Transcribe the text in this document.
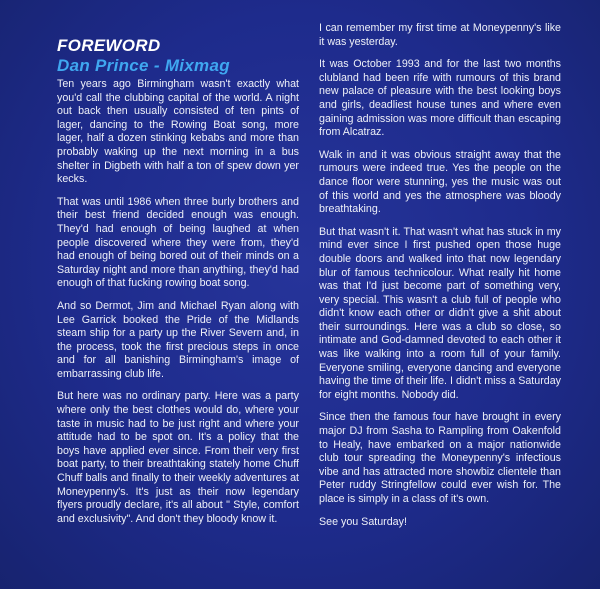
FOREWORD
Dan Prince - Mixmag

Ten years ago Birmingham wasn't exactly what you'd call the clubbing capital of the world. A night out back then usually consisted of ten pints of lager, dancing to the Rowing Boat song, more lager, half a dozen stinking kebabs and more than probably waking up the next morning in a bus shelter in Digbeth with half a ton of spew down yer kecks.

That was until 1986 when three burly brothers and their best friend decided enough was enough. They'd had enough of being laughed at when people discovered where they were from, they'd had enough of being bored out of their minds on a Saturday night and more than anything, they'd had enough of that fucking rowing boat song.

And so Dermot, Jim and Michael Ryan along with Lee Garrick booked the Pride of the Midlands steam ship for a party up the River Severn and, in the process, took the first precious steps in once and for all banishing Birmingham's image of embarrassing club life.

But here was no ordinary party. Here was a party where only the best clothes would do, where your taste in music had to be just right and where your attitude had to be spot on. It's a policy that the boys have applied ever since. From their very first boat party, to their breathtaking stately home Chuff Chuff balls and finally to their weekly adventures at Moneypenny's. It's just as their now legendary flyers proudly declare, it's all about " Style, comfort and exclusivity". And don't they bloody know it.

I can remember my first time at Moneypenny's like it was yesterday.

It was October 1993 and for the last two months clubland had been rife with rumours of this brand new palace of pleasure with the best looking boys and girls, deadliest house tunes and where even gaining admission was more difficult than escaping from Alcatraz.

Walk in and it was obvious straight away that the rumours were indeed true. Yes the people on the dance floor were stunning, yes the music was out of this world and yes the atmosphere was bloody breathtaking.

But that wasn't it. That wasn't what has stuck in my mind ever since I first pushed open those huge double doors and walked into that now legendary blur of famous technicolour. What really hit home was that I'd just become part of something very, very special. This wasn't a club full of people who didn't know each other or didn't give a shit about their surroundings. Here was a club so close, so intimate and God-damned devoted to each other it was like walking into a room full of your family. Everyone smiling, everyone dancing and everyone having the time of their life. I didn't miss a Saturday for eight months. Nobody did.

Since then the famous four have brought in every major DJ from Sasha to Rampling from Oakenfold to Healy, have embarked on a major nationwide club tour spreading the Moneypenny's infectious vibe and has attracted more showbiz clientele than Peter ruddy Stringfellow could ever wish for. The place is simply in a class of it's own.

See you Saturday!
